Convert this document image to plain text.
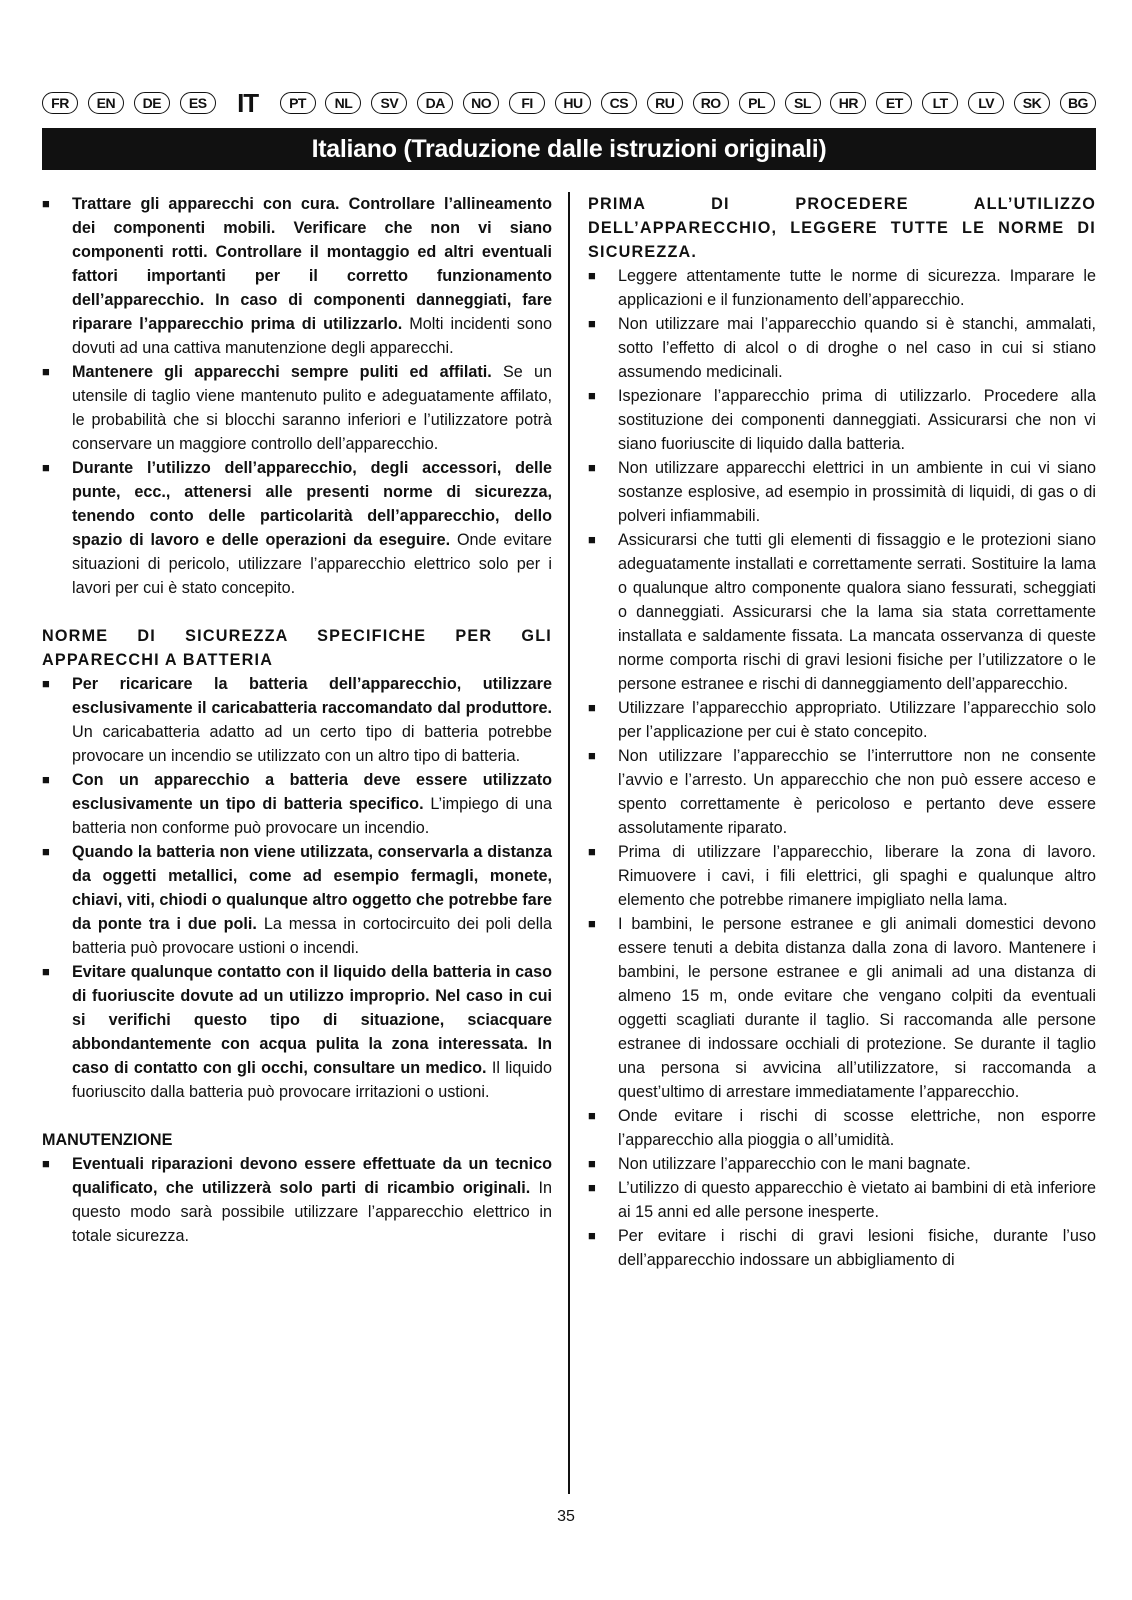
FR	EN	DE	ES	IT	PT	NL	SV	DA	NO	FI	HU	CS	RU	RO	PL	SL	HR	ET	LT	LV	SK	BG
Italiano (Traduzione dalle istruzioni originali)
■	Trattare gli apparecchi con cura. Controllare l’allineamento dei componenti mobili. Verificare che non vi siano componenti rotti. Controllare il montaggio ed altri eventuali fattori importanti per il corretto funzionamento dell’apparecchio. In caso di componenti danneggiati, fare riparare l’apparecchio prima di utilizzarlo. Molti incidenti sono dovuti ad una cattiva manutenzione degli apparecchi.
■	Mantenere gli apparecchi sempre puliti ed affilati. Se un utensile di taglio viene mantenuto pulito e adeguatamente affilato, le probabilità che si blocchi saranno inferiori e l’utilizzatore potrà conservare un maggiore controllo dell’apparecchio.
■	Durante l’utilizzo dell’apparecchio, degli accessori, delle punte, ecc., attenersi alle presenti norme di sicurezza, tenendo conto delle particolarità dell’apparecchio, dello spazio di lavoro e delle operazioni da eseguire. Onde evitare situazioni di pericolo, utilizzare l’apparecchio elettrico solo per i lavori per cui è stato concepito.
NORME DI SICUREZZA SPECIFICHE PER GLI APPARECCHI A BATTERIA
■	Per ricaricare la batteria dell’apparecchio, utilizzare esclusivamente il caricabatteria raccomandato dal produttore. Un caricabatteria adatto ad un certo tipo di batteria potrebbe provocare un incendio se utilizzato con un altro tipo di batteria.
■	Con un apparecchio a batteria deve essere utilizzato esclusivamente un tipo di batteria specifico. L’impiego di una batteria non conforme può provocare un incendio.
■	Quando la batteria non viene utilizzata, conservarla a distanza da oggetti metallici, come ad esempio fermagli, monete, chiavi, viti, chiodi o qualunque altro oggetto che potrebbe fare da ponte tra i due poli. La messa in cortocircuito dei poli della batteria può provocare ustioni o incendi.
■	Evitare qualunque contatto con il liquido della batteria in caso di fuoriuscite dovute ad un utilizzo improprio. Nel caso in cui si verifichi questo tipo di situazione, sciacquare abbondantemente con acqua pulita la zona interessata. In caso di contatto con gli occhi, consultare un medico. Il liquido fuoriuscito dalla batteria può provocare irritazioni o ustioni.
MANUTENZIONE
■	Eventuali riparazioni devono essere effettuate da un tecnico qualificato, che utilizzerà solo parti di ricambio originali. In questo modo sarà possibile utilizzare l’apparecchio elettrico in totale sicurezza.
PRIMA DI PROCEDERE ALL’UTILIZZO DELL’APPARECCHIO, LEGGERE TUTTE LE NORME DI SICUREZZA.
■	Leggere attentamente tutte le norme di sicurezza. Imparare le applicazioni e il funzionamento dell’apparecchio.
■	Non utilizzare mai l’apparecchio quando si è stanchi, ammalati, sotto l’effetto di alcol o di droghe o nel caso in cui si stiano assumendo medicinali.
■	Ispezionare l’apparecchio prima di utilizzarlo. Procedere alla sostituzione dei componenti danneggiati. Assicurarsi che non vi siano fuoriuscite di liquido dalla batteria.
■	Non utilizzare apparecchi elettrici in un ambiente in cui vi siano sostanze esplosive, ad esempio in prossimità di liquidi, di gas o di polveri infiammabili.
■	Assicurarsi che tutti gli elementi di fissaggio e le protezioni siano adeguatamente installati e correttamente serrati. Sostituire la lama o qualunque altro componente qualora siano fessurati, scheggiati o danneggiati. Assicurarsi che la lama sia stata correttamente installata e saldamente fissata. La mancata osservanza di queste norme comporta rischi di gravi lesioni fisiche per l’utilizzatore o le persone estranee e rischi di danneggiamento dell’apparecchio.
■	Utilizzare l’apparecchio appropriato. Utilizzare l’apparecchio solo per l’applicazione per cui è stato concepito.
■	Non utilizzare l’apparecchio se l’interruttore non ne consente l’avvio e l’arresto. Un apparecchio che non può essere acceso e spento correttamente è pericoloso e pertanto deve essere assolutamente riparato.
■	Prima di utilizzare l’apparecchio, liberare la zona di lavoro. Rimuovere i cavi, i fili elettrici, gli spaghi e qualunque altro elemento che potrebbe rimanere impigliato nella lama.
■	I bambini, le persone estranee e gli animali domestici devono essere tenuti a debita distanza dalla zona di lavoro. Mantenere i bambini, le persone estranee e gli animali ad una distanza di almeno 15 m, onde evitare che vengano colpiti da eventuali oggetti scagliati durante il taglio. Si raccomanda alle persone estranee di indossare occhiali di protezione. Se durante il taglio una persona si avvicina all’utilizzatore, si raccomanda a quest’ultimo di arrestare immediatamente l’apparecchio.
■	Onde evitare i rischi di scosse elettriche, non esporre l’apparecchio alla pioggia o all’umidità.
■	Non utilizzare l’apparecchio con le mani bagnate.
■	L’utilizzo di questo apparecchio è vietato ai bambini di età inferiore ai 15 anni ed alle persone inesperte.
■	Per evitare i rischi di gravi lesioni fisiche, durante l’uso dell’apparecchio indossare un abbigliamento di
35
